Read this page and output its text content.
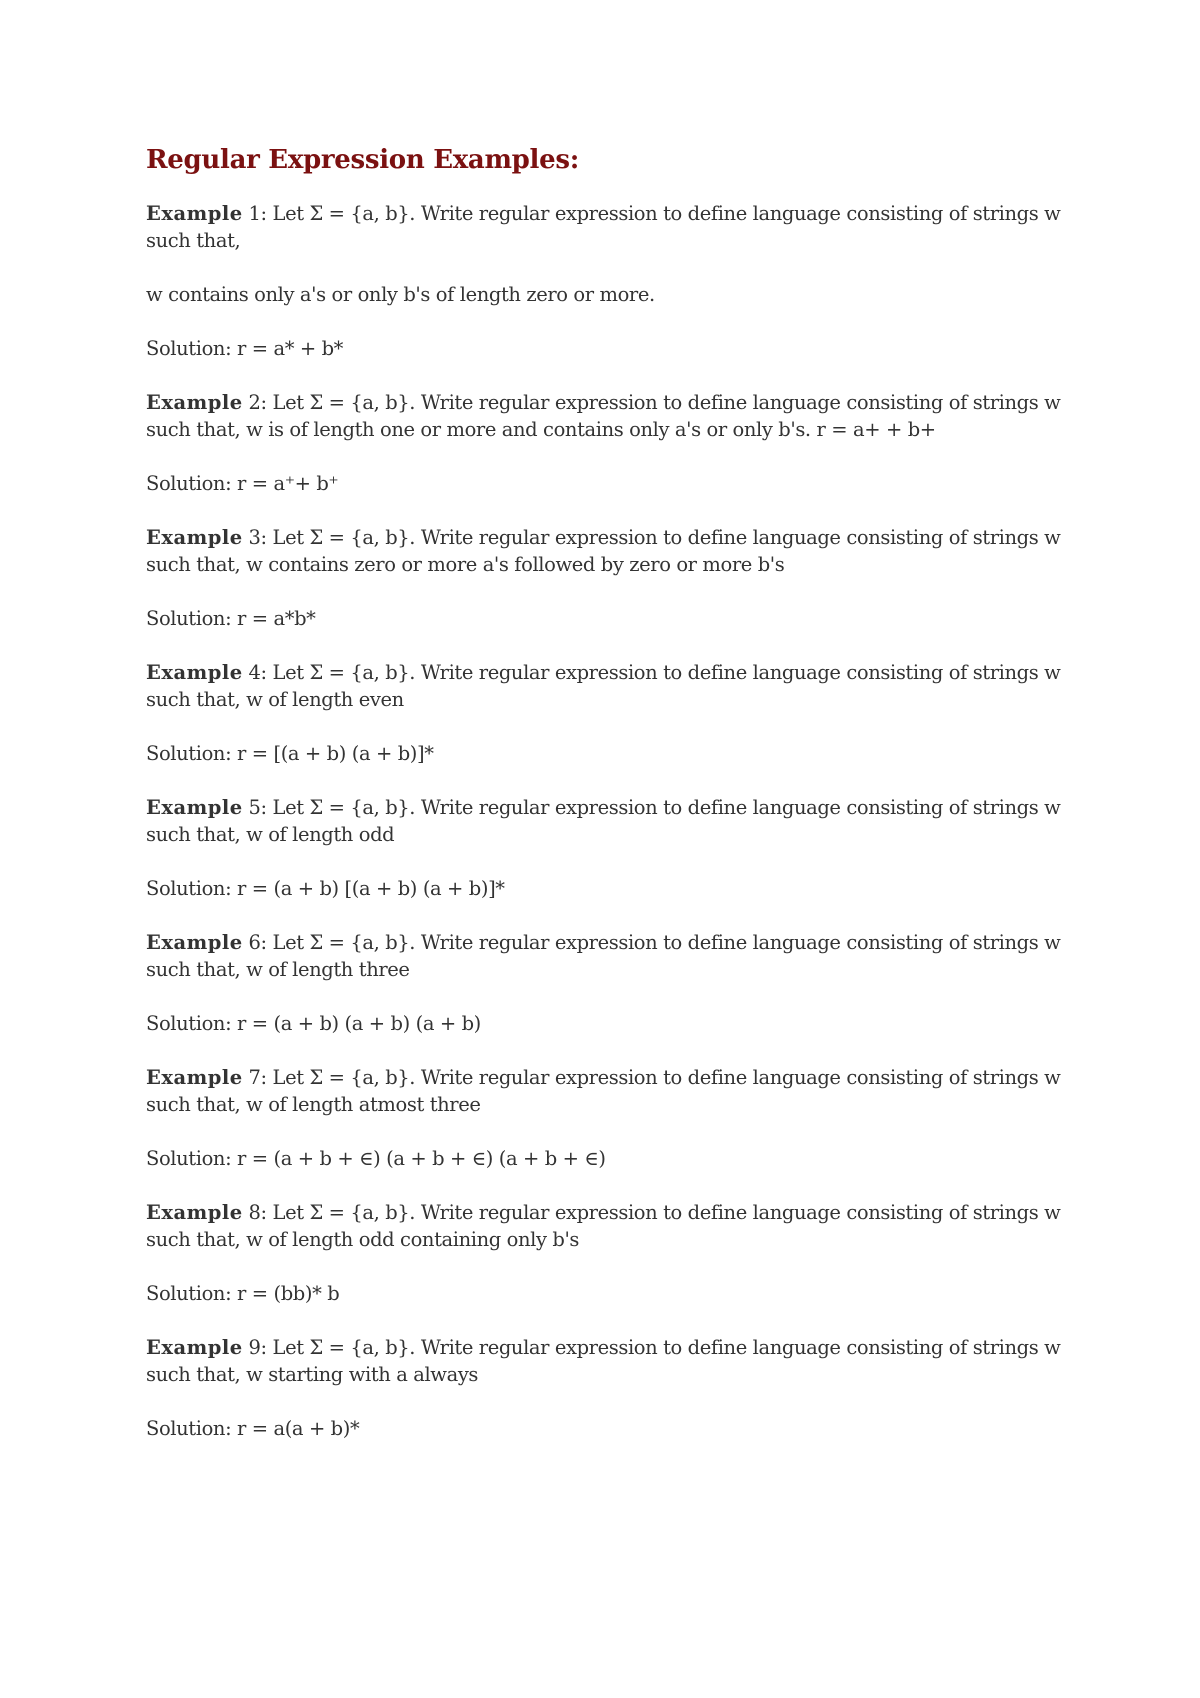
Regular Expression Examples:

Example 1: Let Σ = {a, b}. Write regular expression to define language consisting of strings w such that,

w contains only a's or only b's of length zero or more.

Solution: r = a* + b*

Example 2: Let Σ = {a, b}. Write regular expression to define language consisting of strings w such that, w is of length one or more and contains only a's or only b's. r = a+ + b+

Solution: r = a⁺+ b⁺

Example 3: Let Σ = {a, b}. Write regular expression to define language consisting of strings w such that, w contains zero or more a's followed by zero or more b's

Solution: r = a*b*

Example 4: Let Σ = {a, b}. Write regular expression to define language consisting of strings w such that, w of length even

Solution: r = [(a + b) (a + b)]*

Example 5: Let Σ = {a, b}. Write regular expression to define language consisting of strings w such that, w of length odd

Solution: r = (a + b) [(a + b) (a + b)]*

Example 6: Let Σ = {a, b}. Write regular expression to define language consisting of strings w such that, w of length three

Solution: r = (a + b) (a + b) (a + b)

Example 7: Let Σ = {a, b}. Write regular expression to define language consisting of strings w such that, w of length atmost three

Solution: r = (a + b + ∈) (a + b + ∈) (a + b + ∈)

Example 8: Let Σ = {a, b}. Write regular expression to define language consisting of strings w such that, w of length odd containing only b's

Solution: r = (bb)* b

Example 9: Let Σ = {a, b}. Write regular expression to define language consisting of strings w such that, w starting with a always

Solution: r = a(a + b)*
